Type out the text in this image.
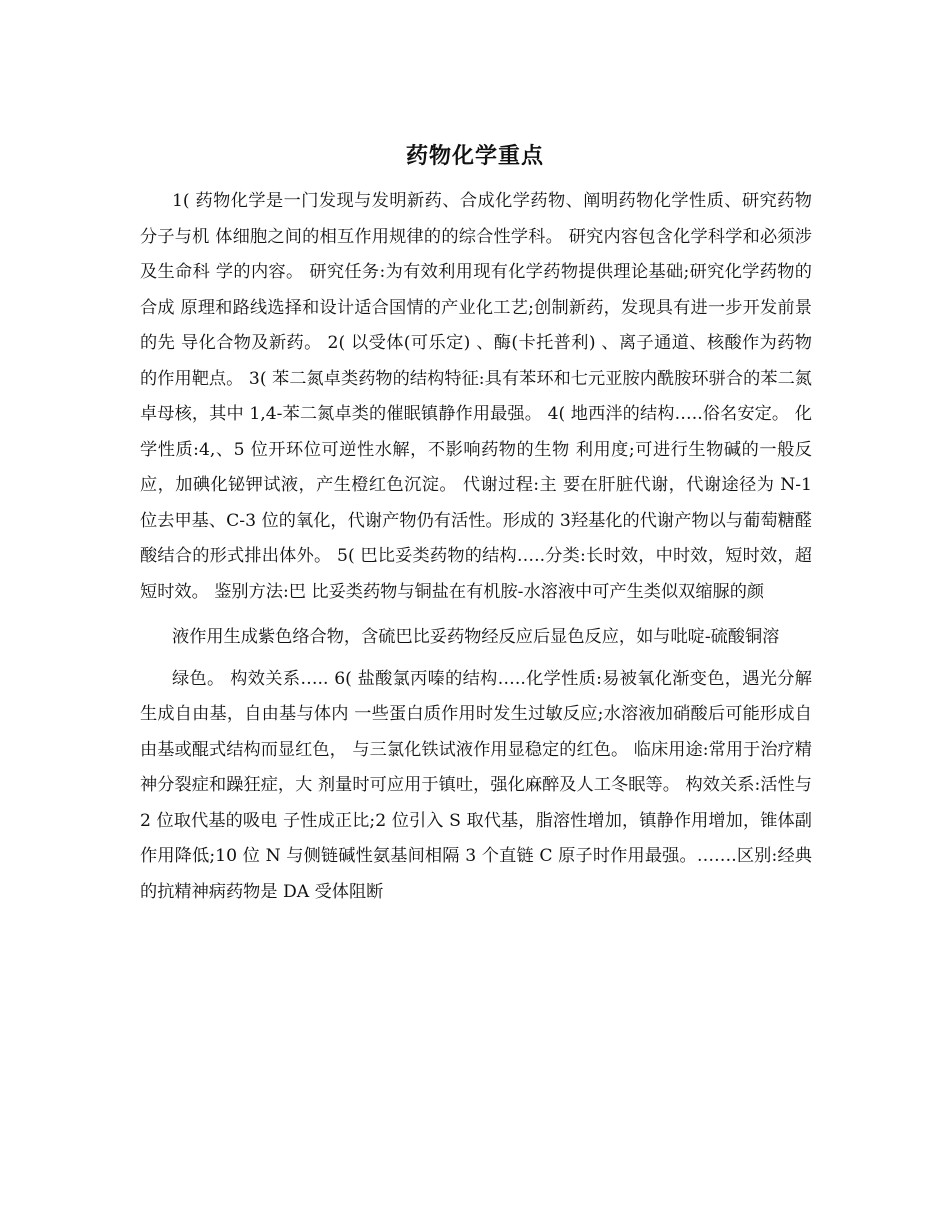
药物化学重点

1( 药物化学是一门发现与发明新药、合成化学药物、阐明药物化学性质、研究药物分子与机 体细胞之间的相互作用规律的的综合性学科。 研究内容包含化学科学和必须涉及生命科 学的内容。 研究任务:为有效利用现有化学药物提供理论基础;研究化学药物的合成 原理和路线选择和设计适合国情的产业化工艺;创制新药，发现具有进一步开发前景的先 导化合物及新药。 2( 以受体(可乐定) 、酶(卡托普利) 、离子通道、核酸作为药物的作用靶点。 3( 苯二氮卓类药物的结构特征:具有苯环和七元亚胺内酰胺环骈合的苯二氮卓母核，其中 1,4-苯二氮卓类的催眠镇静作用最强。 4( 地西泮的结构…..俗名安定。 化学性质:4,、5 位开环位可逆性水解，不影响药物的生物 利用度;可进行生物碱的一般反应，加碘化铋钾试液，产生橙红色沉淀。 代谢过程:主 要在肝脏代谢，代谢途径为 N-1 位去甲基、C-3 位的氧化，代谢产物仍有活性。形成的 3羟基化的代谢产物以与葡萄糖醛酸结合的形式排出体外。 5( 巴比妥类药物的结构…..分类:长时效，中时效，短时效，超短时效。 鉴别方法:巴 比妥类药物与铜盐在有机胺-水溶液中可产生类似双缩脲的颜

液作用生成紫色络合物，含硫巴比妥药物经反应后显色反应，如与吡啶-硫酸铜溶

绿色。 构效关系….. 6( 盐酸氯丙嗪的结构…..化学性质:易被氧化渐变色，遇光分解生成自由基，自由基与体内 一些蛋白质作用时发生过敏反应;水溶液加硝酸后可能形成自由基或醌式结构而显红色， 与三氯化铁试液作用显稳定的红色。 临床用途:常用于治疗精神分裂症和躁狂症，大 剂量时可应用于镇吐，强化麻醉及人工冬眠等。 构效关系:活性与 2 位取代基的吸电 子性成正比;2 位引入 S 取代基，脂溶性增加，镇静作用增加，锥体副作用降低;10 位 N 与侧链碱性氨基间相隔 3 个直链 C 原子时作用最强。…….区别:经典的抗精神病药物是 DA 受体阻断
